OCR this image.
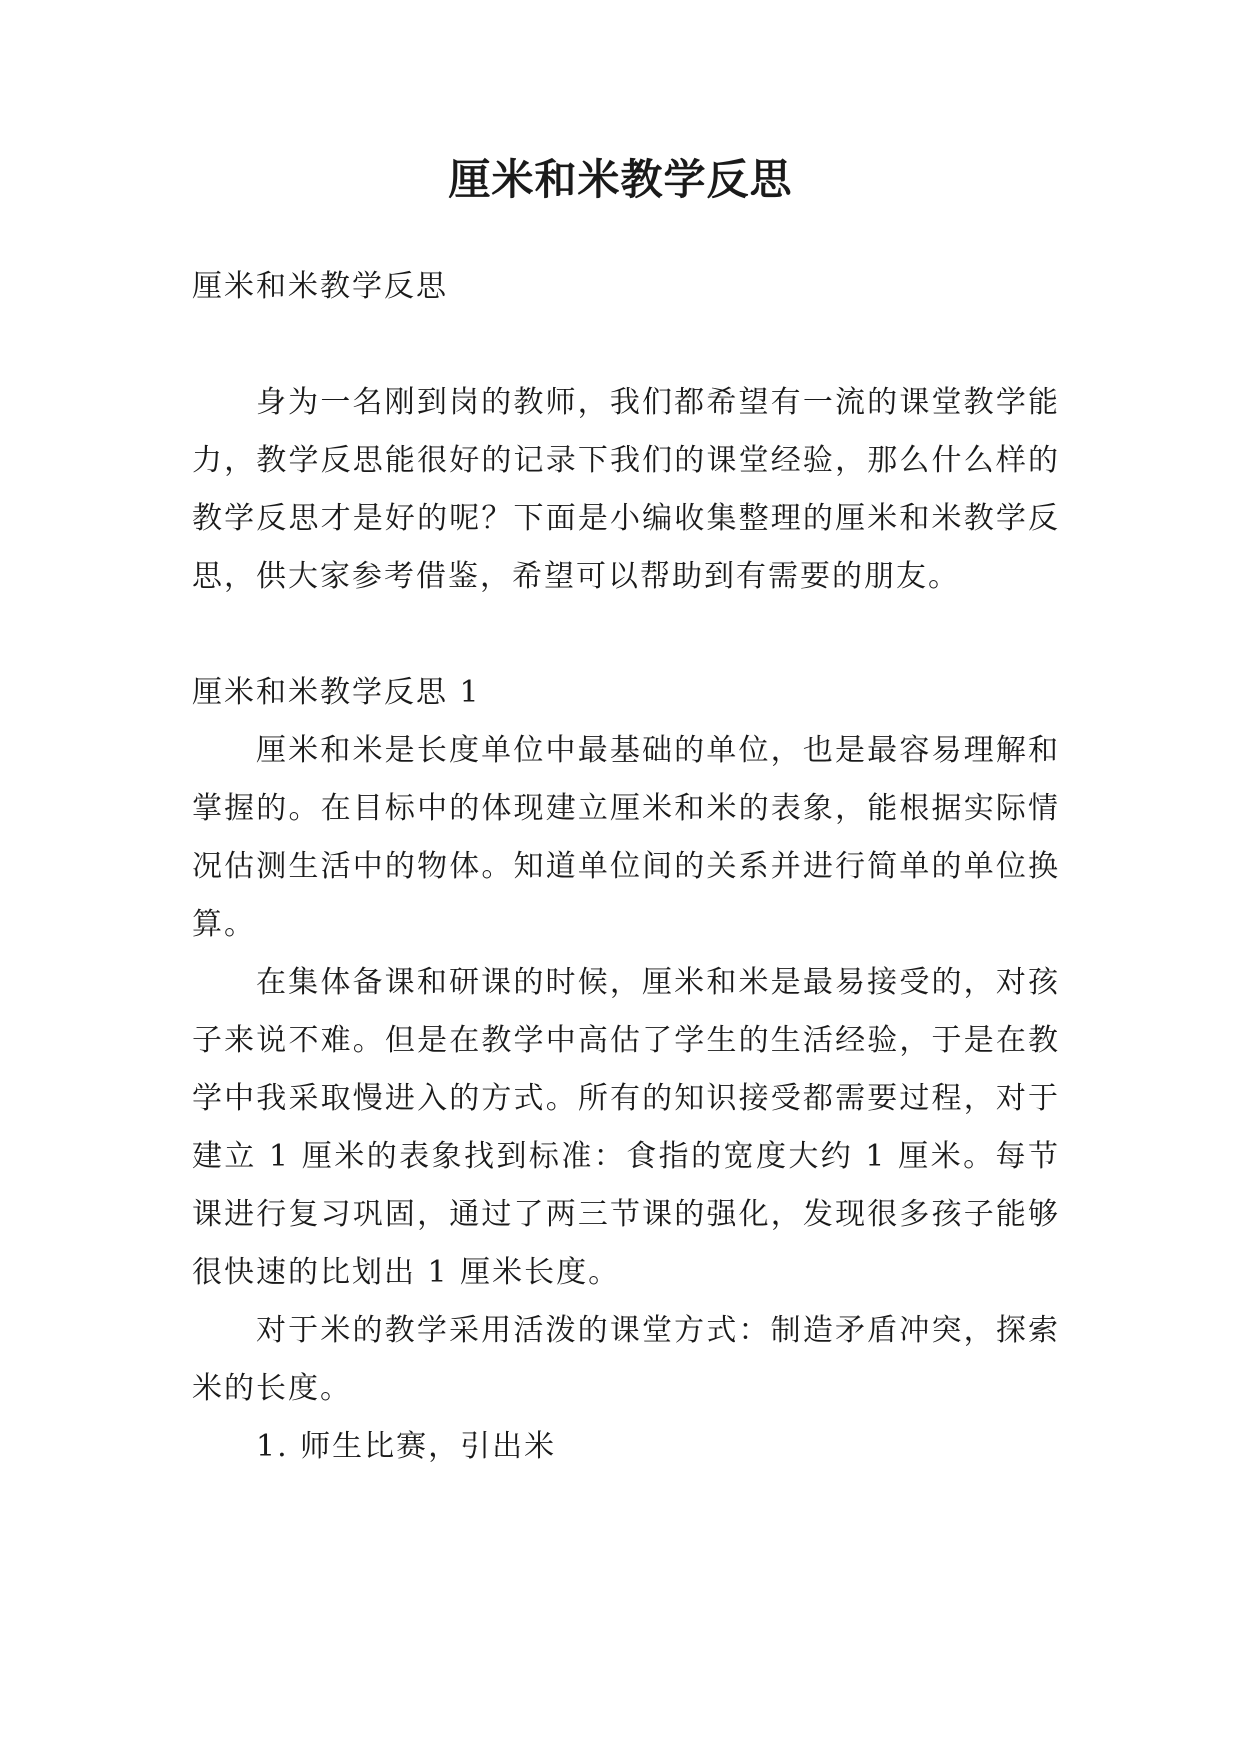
厘米和米教学反思

厘米和米教学反思

身为一名刚到岗的教师，我们都希望有一流的课堂教学能力，教学反思能很好的记录下我们的课堂经验，那么什么样的教学反思才是好的呢？下面是小编收集整理的厘米和米教学反思，供大家参考借鉴，希望可以帮助到有需要的朋友。

厘米和米教学反思 1

厘米和米是长度单位中最基础的单位，也是最容易理解和掌握的。在目标中的体现建立厘米和米的表象，能根据实际情况估测生活中的物体。知道单位间的关系并进行简单的单位换算。

在集体备课和研课的时候，厘米和米是最易接受的，对孩子来说不难。但是在教学中高估了学生的生活经验，于是在教学中我采取慢进入的方式。所有的知识接受都需要过程，对于建立 1 厘米的表象找到标准：食指的宽度大约 1 厘米。每节课进行复习巩固，通过了两三节课的强化，发现很多孩子能够很快速的比划出 1 厘米长度。

对于米的教学采用活泼的课堂方式：制造矛盾冲突，探索米的长度。

1. 师生比赛，引出米
